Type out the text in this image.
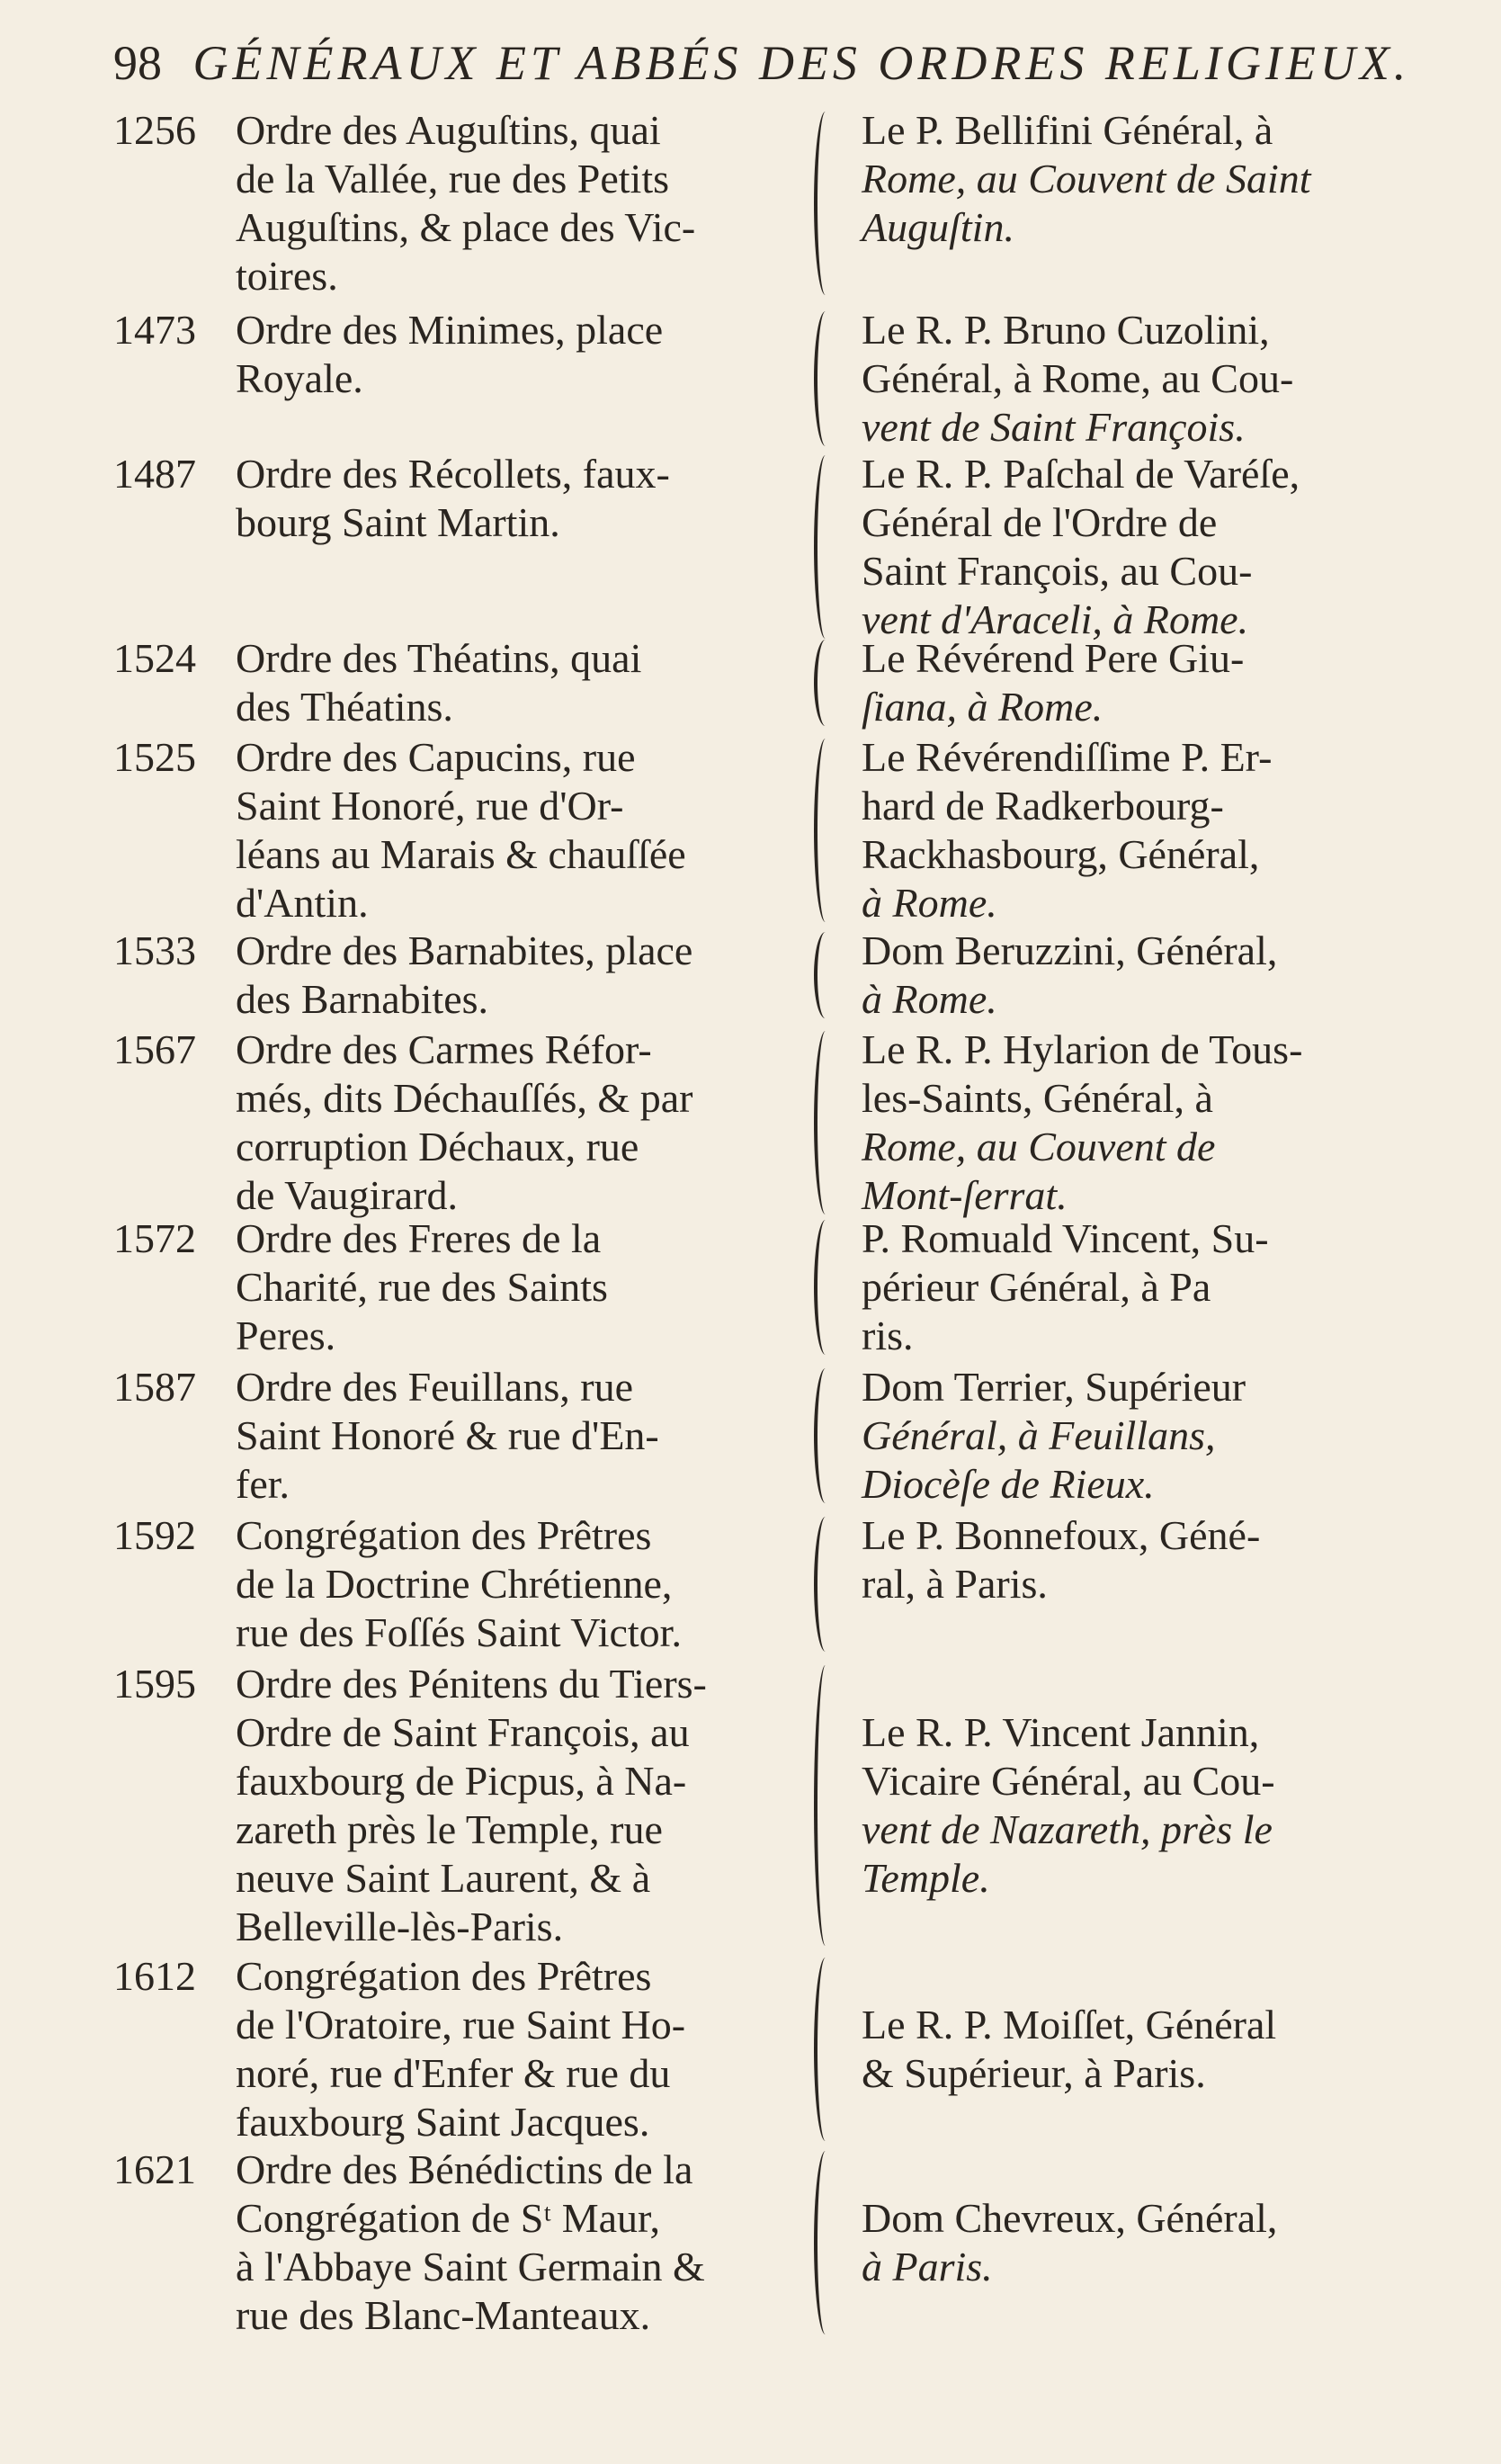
98 GÉNÉRAUX ET ABBÉS DES ORDRES RELIGIEUX.
1256 Ordre des Auguſtins, quai
de la Vallée, rue des Petits
Auguſtins, & place des Vic-
toires.
Le P. Bellifini Général, à
Rome, au Couvent de Saint
Auguſtin.
1473 Ordre des Minimes, place
Royale.
Le R. P. Bruno Cuzolini,
Général, à Rome, au Cou-
vent de Saint François.
1487 Ordre des Récollets, faux-
bourg Saint Martin.
Le R. P. Paſchal de Varéſe,
Général de l'Ordre de
Saint François, au Cou-
vent d'Araceli, à Rome.
1524 Ordre des Théatins, quai
des Théatins.
Le Révérend Pere Giu-
ſiana, à Rome.
1525 Ordre des Capucins, rue
Saint Honoré, rue d'Or-
léans au Marais & chauſſée
d'Antin.
Le Révérendiſſime P. Er-
hard de Radkerbourg-
Rackhasbourg, Général,
à Rome.
1533 Ordre des Barnabites, place
des Barnabites.
Dom Beruzzini, Général,
à Rome.
1567 Ordre des Carmes Réfor-
més, dits Déchauſſés, & par
corruption Déchaux, rue
de Vaugirard.
Le R. P. Hylarion de Tous-
les-Saints, Général, à
Rome, au Couvent de
Mont-ſerrat.
1572 Ordre des Freres de la
Charité, rue des Saints
Peres.
P. Romuald Vincent, Su-
périeur Général, à Pa
ris.
1587 Ordre des Feuillans, rue
Saint Honoré & rue d'En-
fer.
Dom Terrier, Supérieur
Général, à Feuillans,
Diocèſe de Rieux.
1592 Congrégation des Prêtres
de la Doctrine Chrétienne,
rue des Foſſés Saint Victor.
Le P. Bonnefoux, Géné-
ral, à Paris.
1595 Ordre des Pénitens du Tiers-
Ordre de Saint François, au
fauxbourg de Picpus, à Na-
zareth près le Temple, rue
neuve Saint Laurent, & à
Belleville-lès-Paris.
Le R. P. Vincent Jannin,
Vicaire Général, au Cou-
vent de Nazareth, près le
Temple.
1612 Congrégation des Prêtres
de l'Oratoire, rue Saint Ho-
noré, rue d'Enfer & rue du
fauxbourg Saint Jacques.
Le R. P. Moiſſet, Général
& Supérieur, à Paris.
1621 Ordre des Bénédictins de la
Congrégation de Sᵗ Maur,
à l'Abbaye Saint Germain &
rue des Blanc-Manteaux.
Dom Chevreux, Général,
à Paris.
